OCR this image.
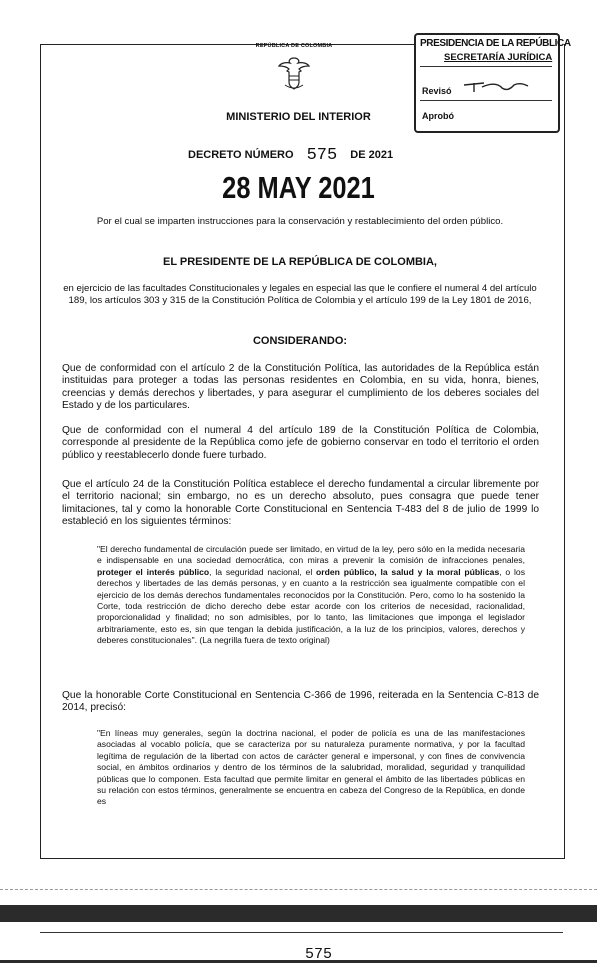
REPÚBLICA DE COLOMBIA	PRESIDENCIA DE LA REPÚBLICA
SECRETARÍA JURÍDICA
Revisó
Aprobó
MINISTERIO DEL INTERIOR
DECRETO NÚMERO 575 DE 2021
28 MAY 2021
Por el cual se imparten instrucciones para la conservación y restablecimiento del orden público.
EL PRESIDENTE DE LA REPÚBLICA DE COLOMBIA,
en ejercicio de las facultades Constitucionales y legales en especial las que le confiere el numeral 4 del artículo 189, los artículos 303 y 315 de la Constitución Política de Colombia y el artículo 199 de la Ley 1801 de 2016,
CONSIDERANDO:
Que de conformidad con el artículo 2 de la Constitución Política, las autoridades de la República están instituidas para proteger a todas las personas residentes en Colombia, en su vida, honra, bienes, creencias y demás derechos y libertades, y para asegurar el cumplimiento de los deberes sociales del Estado y de los particulares.
Que de conformidad con el numeral 4 del artículo 189 de la Constitución Política de Colombia, corresponde al presidente de la República como jefe de gobierno conservar en todo el territorio el orden público y reestablecerlo donde fuere turbado.
Que el artículo 24 de la Constitución Política establece el derecho fundamental a circular libremente por el territorio nacional; sin embargo, no es un derecho absoluto, pues consagra que puede tener limitaciones, tal y como la honorable Corte Constitucional en Sentencia T-483 del 8 de julio de 1999 lo estableció en los siguientes términos:
"El derecho fundamental de circulación puede ser limitado, en virtud de la ley, pero sólo en la medida necesaria e indispensable en una sociedad democrática, con miras a prevenir la comisión de infracciones penales, proteger el interés público, la seguridad nacional, el orden público, la salud y la moral públicas, o los derechos y libertades de las demás personas, y en cuanto a la restricción sea igualmente compatible con el ejercicio de los demás derechos fundamentales reconocidos por la Constitución. Pero, como lo ha sostenido la Corte, toda restricción de dicho derecho debe estar acorde con los criterios de necesidad, racionalidad, proporcionalidad y finalidad; no son admisibles, por lo tanto, las limitaciones que imponga el legislador arbitrariamente, esto es, sin que tengan la debida justificación, a la luz de los principios, valores, derechos y deberes constitucionales". (La negrilla fuera de texto original)
Que la honorable Corte Constitucional en Sentencia C-366 de 1996, reiterada en la Sentencia C-813 de 2014, precisó:
"En líneas muy generales, según la doctrina nacional, el poder de policía es una de las manifestaciones asociadas al vocablo policía, que se caracteriza por su naturaleza puramente normativa, y por la facultad legítima de regulación de la libertad con actos de carácter general e impersonal, y con fines de convivencia social, en ámbitos ordinarios y dentro de los términos de la salubridad, moralidad, seguridad y tranquilidad públicas que lo componen. Esta facultad que permite limitar en general el ámbito de las libertades públicas en su relación con estos términos, generalmente se encuentra en cabeza del Congreso de la República, en donde es
575
